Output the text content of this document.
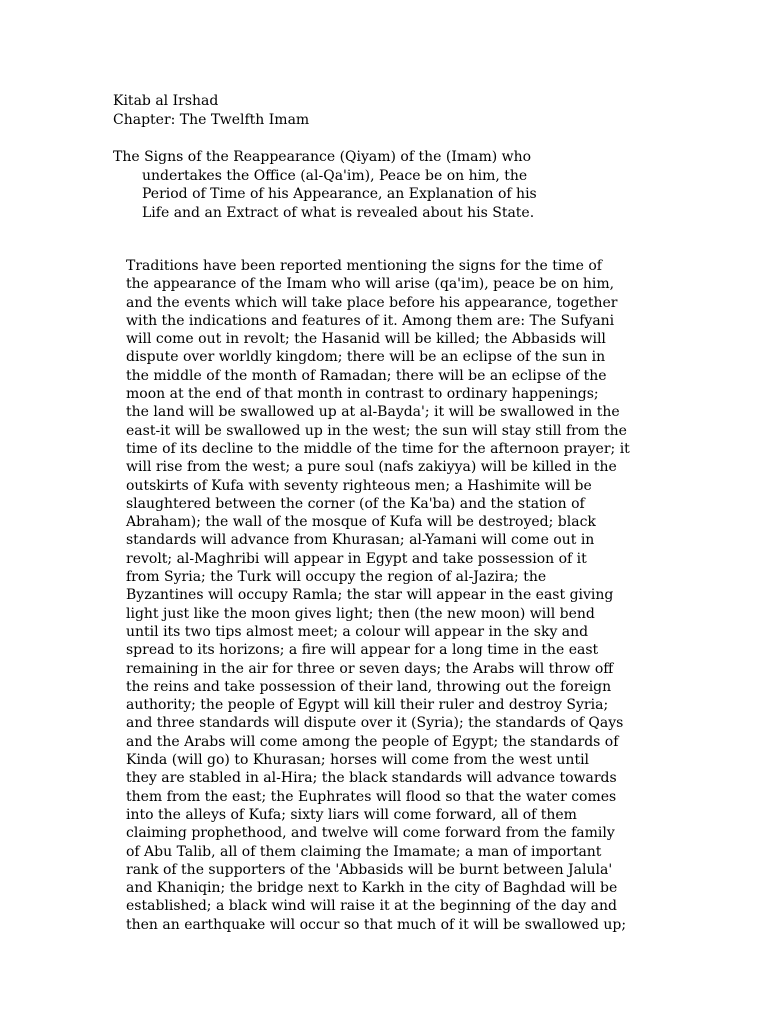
Kitab al Irshad
Chapter: The Twelfth Imam
The Signs of the Reappearance (Qiyam) of the (Imam) who
undertakes the Office (al-Qa'im), Peace be on him, the
Period of Time of his Appearance, an Explanation of his
Life and an Extract of what is revealed about his State.
Traditions have been reported mentioning the signs for the time of
the appearance of the Imam who will arise (qa'im), peace be on him,
and the events which will take place before his appearance, together
with the indications and features of it. Among them are: The Sufyani
will come out in revolt; the Hasanid will be killed; the Abbasids will
dispute over worldly kingdom; there will be an eclipse of the sun in
the middle of the month of Ramadan; there will be an eclipse of the
moon at the end of that month in contrast to ordinary happenings;
the land will be swallowed up at al-Bayda'; it will be swallowed in the
east-it will be swallowed up in the west; the sun will stay still from the
time of its decline to the middle of the time for the afternoon prayer; it
will rise from the west; a pure soul (nafs zakiyya) will be killed in the
outskirts of Kufa with seventy righteous men; a Hashimite will be
slaughtered between the corner (of the Ka'ba) and the station of
Abraham); the wall of the mosque of Kufa will be destroyed; black
standards will advance from Khurasan; al-Yamani will come out in
revolt; al-Maghribi will appear in Egypt and take possession of it
from Syria; the Turk will occupy the region of al-Jazira; the
Byzantines will occupy Ramla; the star will appear in the east giving
light just like the moon gives light; then (the new moon) will bend
until its two tips almost meet; a colour will appear in the sky and
spread to its horizons; a fire will appear for a long time in the east
remaining in the air for three or seven days; the Arabs will throw off
the reins and take possession of their land, throwing out the foreign
authority; the people of Egypt will kill their ruler and destroy Syria;
and three standards will dispute over it (Syria); the standards of Qays
and the Arabs will come among the people of Egypt; the standards of
Kinda (will go) to Khurasan; horses will come from the west until
they are stabled in al-Hira; the black standards will advance towards
them from the east; the Euphrates will flood so that the water comes
into the alleys of Kufa; sixty liars will come forward, all of them
claiming prophethood, and twelve will come forward from the family
of Abu Talib, all of them claiming the Imamate; a man of important
rank of the supporters of the 'Abbasids will be burnt between Jalula'
and Khaniqin; the bridge next to Karkh in the city of Baghdad will be
established; a black wind will raise it at the beginning of the day and
then an earthquake will occur so that much of it will be swallowed up;
